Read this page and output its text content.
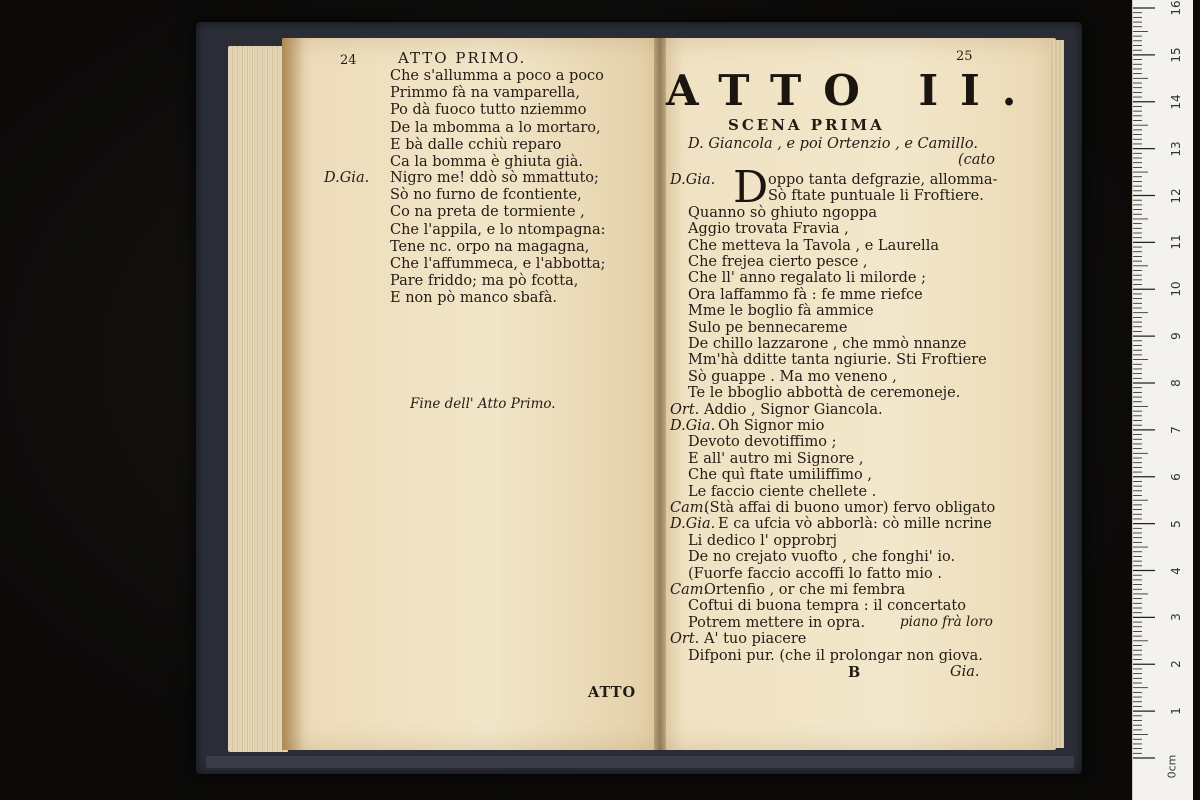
24	ATTO PRIMO.
Che s'allumma a poco a poco
Primmo fà na vamparella,
Po dà fuoco tutto nziemmo
De la mbomma a lo mortaro,
E bà dalle cchiù reparo
Ca la bomma è ghiuta già.
D.Gia. Nigro me! ddò sò mmattuto;
Sò no furno de fcontiente,
Co na preta de tormiente ,
Che l'appila, e lo ntompagna:
Tene nc. orpo na magagna,
Che l'affummeca, e l'abbotta;
Pare friddo; ma pò fcotta,
E non pò manco sbafà.
Fine dell' Atto Primo.
ATTO
25
ATTO II.
SCENA PRIMA
D. Giancola , e poi Ortenzio , e Camillo.
(cato
D
D.Gia.	oppo tanta defgrazie, allomma-
Sò ftate puntuale li Froftiere.
Quanno sò ghiuto ngoppa
Aggio trovata Fravia ,
Che metteva la Tavola , e Laurella
Che frejea cierto pesce ,
Che ll' anno regalato li milorde ;
Ora laffammo fà : fe mme riefce
Mme le boglio fà ammice
Sulo pe bennecareme
De chillo lazzarone , che mmò nnanze
Mm'hà ddittе tanta ngiurie. Sti Froftiere
Sò guappe . Ma mo veneno ,
Te le bboglio abbottà de ceremoneje.
Ort. Addio , Signor Giancola.
D.Gia. Oh Signor mio
Devoto devotiffimo ;
E all' autro mi Signore ,
Che quì ftate umiliffimo ,
Le faccio ciente chellete .
Cam.
(Stà affai di buono umor) fervo obligato
D.Gia. E ca ufcia vò abborlà: cò mille ncrine
Li dedico l' opprobrj
De no crejato vuofto , che fonghi' io.
(Fuorfe faccio accoffi lo fatto mio .
Cam.
Ortenfio , or che mi fembra
Coftui di buona tempra : il concertato
Potrem mettere in opra.
Ort. A' tuo piacere
Difponi pur. (che il prolongar non giova.
piano frà loro
B	Gia.
1
2
3
4
5
6
7
8
9
10
11
12
13
14
15
16
0cm
